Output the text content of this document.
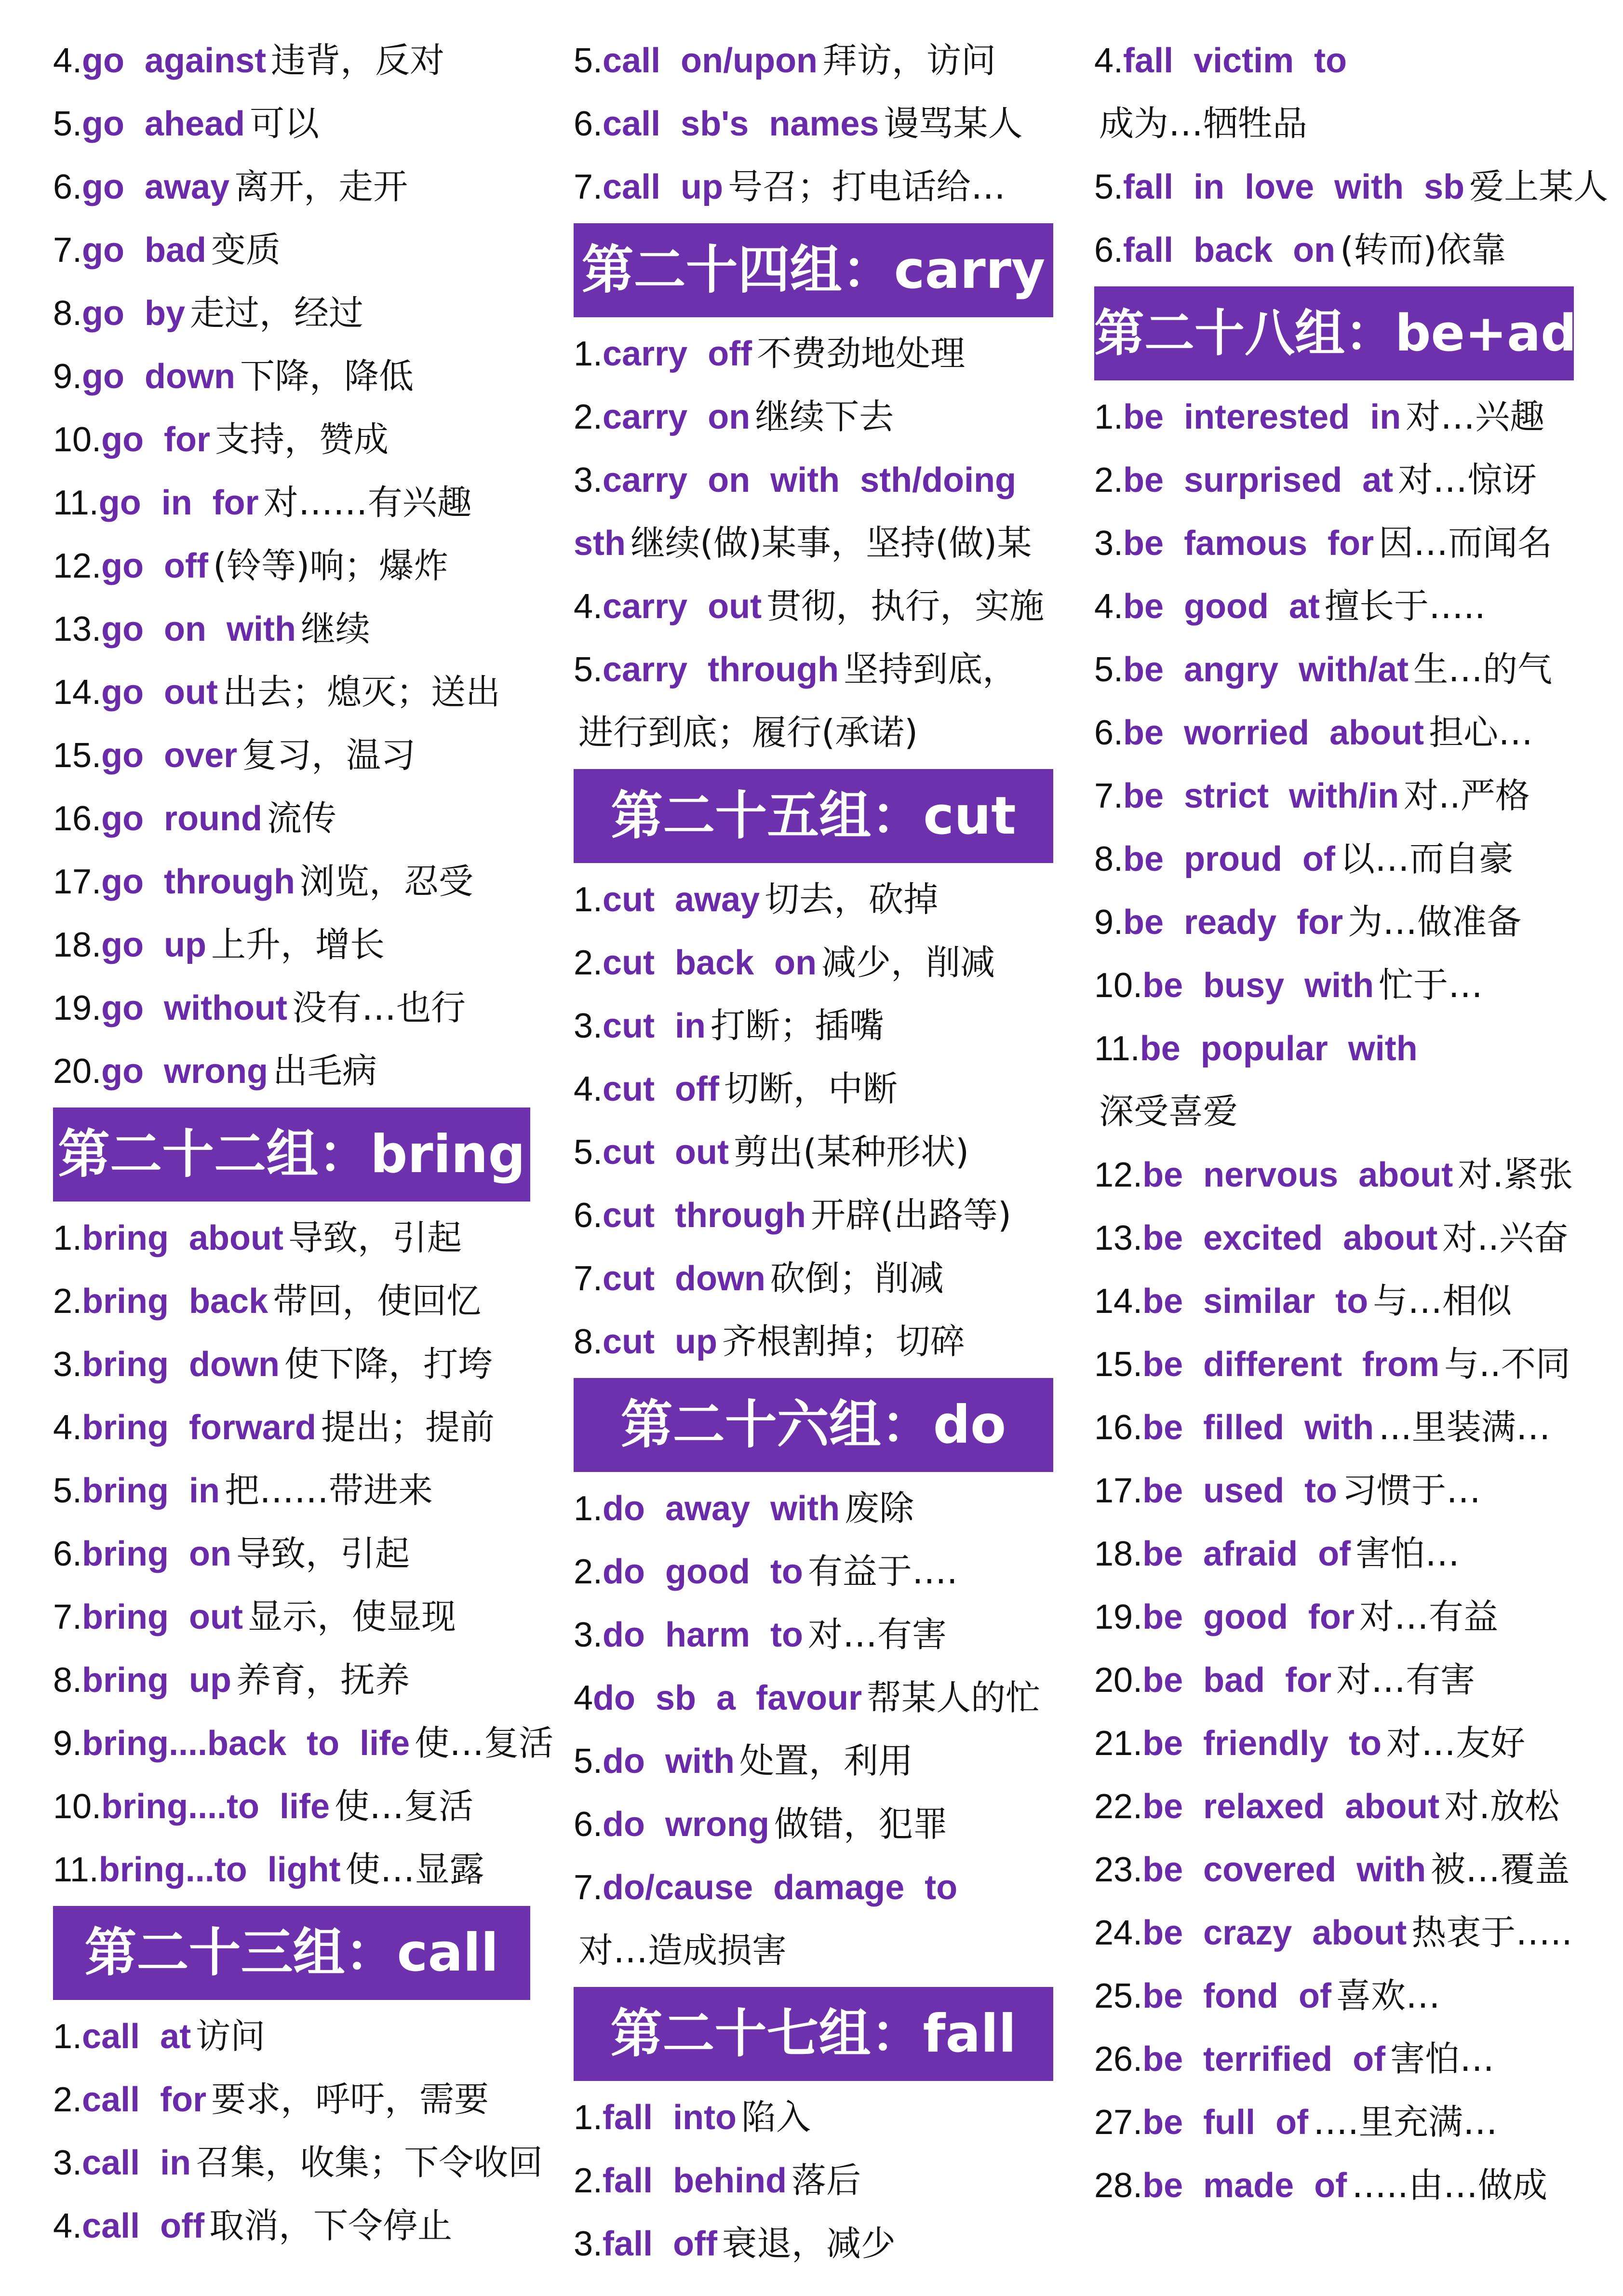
4.go against 违背，反对
5.go ahead 可以
6.go away 离开，走开
7.go bad 变质
8.go by 走过，经过
9.go down 下降，降低
10.go for 支持，赞成
11.go in for 对……有兴趣
12.go off (铃等)响；爆炸
13.go on with 继续
14.go out 出去；熄灭；送出
15.go over 复习，温习
16.go round 流传
17.go through 浏览，忍受
18.go up 上升，增长
19.go without 没有…也行
20.go wrong 出毛病
第二十二组：bring
1.bring about 导致，引起
2.bring back 带回，使回忆
3.bring down 使下降，打垮
4.bring forward 提出；提前
5.bring in 把……带进来
6.bring on 导致，引起
7.bring out 显示，使显现
8.bring up 养育，抚养
9.bring....back to life 使…复活
10.bring....to life 使…复活
11.bring...to light 使…显露
第二十三组：call
1.call at 访问
2.call for 要求，呼吁，需要
3.call in 召集，收集；下令收回
4.call off 取消，下令停止
5.call on/upon 拜访，访问
6.call sb's names 谩骂某人
7.call up 号召；打电话给…
第二十四组：carry
1.carry off 不费劲地处理
2.carry on 继续下去
3.carry on with sth/doing
sth 继续(做)某事，坚持(做)某
4.carry out 贯彻，执行，实施
5.carry through 坚持到底，
进行到底；履行(承诺)
第二十五组：cut
1.cut away 切去，砍掉
2.cut back on 减少，削减
3.cut in 打断；插嘴
4.cut off 切断，中断
5.cut out 剪出(某种形状)
6.cut through 开辟(出路等)
7.cut down 砍倒；削减
8.cut up 齐根割掉；切碎
第二十六组：do
1.do away with 废除
2.do good to 有益于….
3.do harm to 对…有害
4do sb a favour 帮某人的忙
5.do with 处置，利用
6.do wrong 做错，犯罪
7.do/cause damage to
对…造成损害
第二十七组：fall
1.fall into 陷入
2.fall behind 落后
3.fall off 衰退，减少
4.fall victim to
成为…牺牲品
5.fall in love with sb 爱上某人
6.fall back on (转而)依靠
第二十八组：be+adj
1.be interested in 对…兴趣
2.be surprised at 对…惊讶
3.be famous for 因…而闻名
4.be good at 擅长于…..
5.be angry with/at 生…的气
6.be worried about 担心…
7.be strict with/in 对..严格
8.be proud of 以…而自豪
9.be ready for 为…做准备
10.be busy with 忙于…
11.be popular with
深受喜爱
12.be nervous about 对.紧张
13.be excited about 对..兴奋
14.be similar to 与…相似
15.be different from 与..不同
16.be filled with ...里装满…
17.be used to 习惯于…
18.be afraid of 害怕…
19.be good for 对…有益
20.be bad for 对…有害
21.be friendly to 对…友好
22.be relaxed about 对.放松
23.be covered with 被…覆盖
24.be crazy about 热衷于…..
25.be fond of 喜欢…
26.be terrified of 害怕…
27.be full of ….里充满…
28.be made of …..由…做成
